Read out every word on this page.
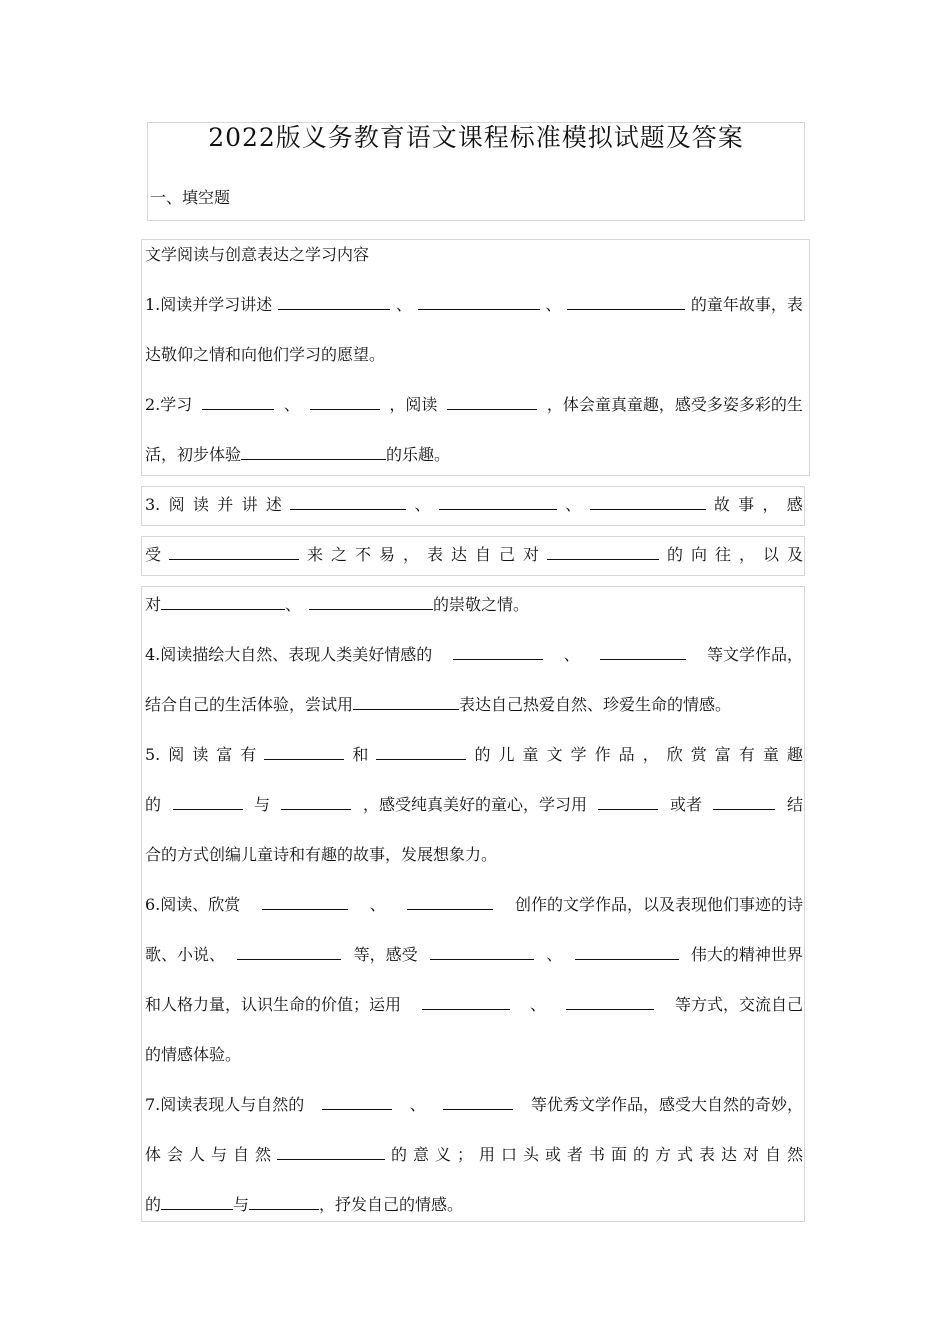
2022版义务教育语文课程标准模拟试题及答案
一、填空题
文学阅读与创意表达之学习内容
1.阅读并学习讲述	、	、	的童年故事，表
达敬仰之情和向他们学习的愿望。
2.学习	、	，阅读	，体会童真童趣，感受多姿多彩的生
活，初步体验	的乐趣。
3. 阅 读 并 讲 述	、	、	故 事 ， 感
受	来 之 不 易 ， 表 达 自 己 对	的 向 往 ， 以 及
对	、	的崇敬之情。
4.阅读描绘大自然、表现人类美好情感的	、	等文学作品，
结合自己的生活体验，尝试用	表达自己热爱自然、珍爱生命的情感。
5. 阅 读 富 有	和	的 儿 童 文 学 作 品 ， 欣 赏 富 有 童 趣
的	与	，感受纯真美好的童心，学习用	或者	结
合的方式创编儿童诗和有趣的故事，发展想象力。
6.阅读、欣赏	、	创作的文学作品，以及表现他们事迹的诗
歌、小说、	等，感受	、	伟大的精神世界
和人格力量，认识生命的价值；运用	、	等方式，交流自己
的情感体验。
7.阅读表现人与自然的	、	等优秀文学作品，感受大自然的奇妙，
体 会 人 与 自 然	的 意 义 ； 用 口 头 或 者 书 面 的 方 式 表 达 对 自 然
的	与	，抒发自己的情感。
